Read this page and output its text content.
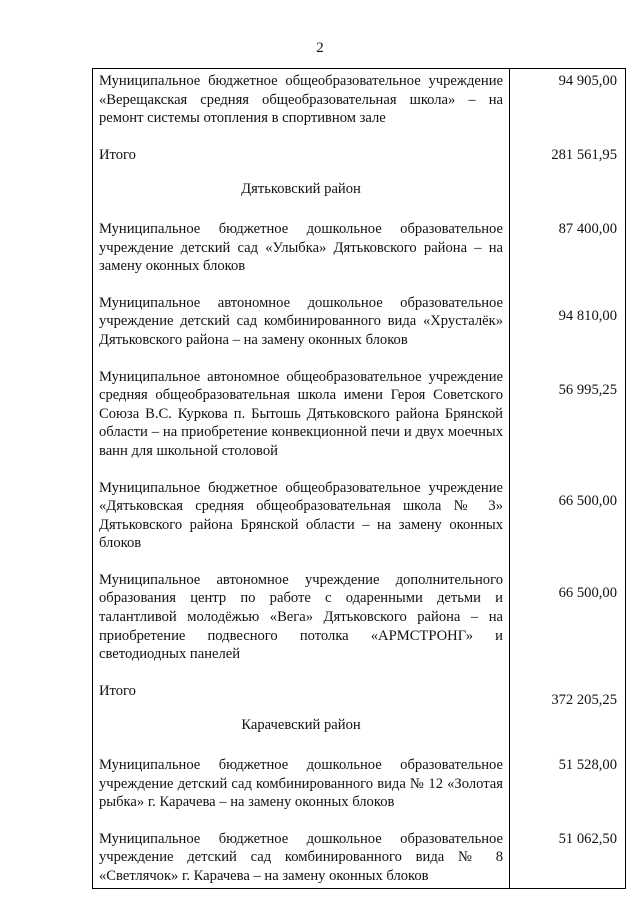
2
Муниципальное бюджетное общеобразовательное учреждение «Верещакская средняя общеобразовательная школа» – на ремонт системы отопления в спортивном зале	94 905,00
Итого	281 561,95
Дятьковский район	
Муниципальное бюджетное дошкольное образовательное учреждение детский сад «Улыбка» Дятьковского района – на замену оконных блоков	87 400,00
Муниципальное автономное дошкольное образовательное учреждение детский сад комбинированного вида «Хрусталёк» Дятьковского района – на замену оконных блоков	94 810,00
Муниципальное автономное общеобразовательное учреждение средняя общеобразовательная школа имени Героя Советского Союза В.С. Куркова п. Бытошь Дятьковского района Брянской области – на приобретение конвекционной печи и двух моечных ванн для школьной столовой	56 995,25
Муниципальное бюджетное общеобразовательное учреждение «Дятьковская средняя общеобразовательная школа № 3» Дятьковского района Брянской области – на замену оконных блоков	66 500,00
Муниципальное автономное учреждение дополнительного образования центр по работе с одаренными детьми и талантливой молодёжью «Вега» Дятьковского района – на приобретение подвесного потолка «АРМСТРОНГ» и светодиодных панелей	66 500,00
Итого	372 205,25
Карачевский район	
Муниципальное бюджетное дошкольное образовательное учреждение детский сад комбинированного вида № 12 «Золотая рыбка» г. Карачева – на замену оконных блоков	51 528,00
Муниципальное бюджетное дошкольное образовательное учреждение детский сад комбинированного вида № 8 «Светлячок» г. Карачева – на замену оконных блоков	51 062,50
